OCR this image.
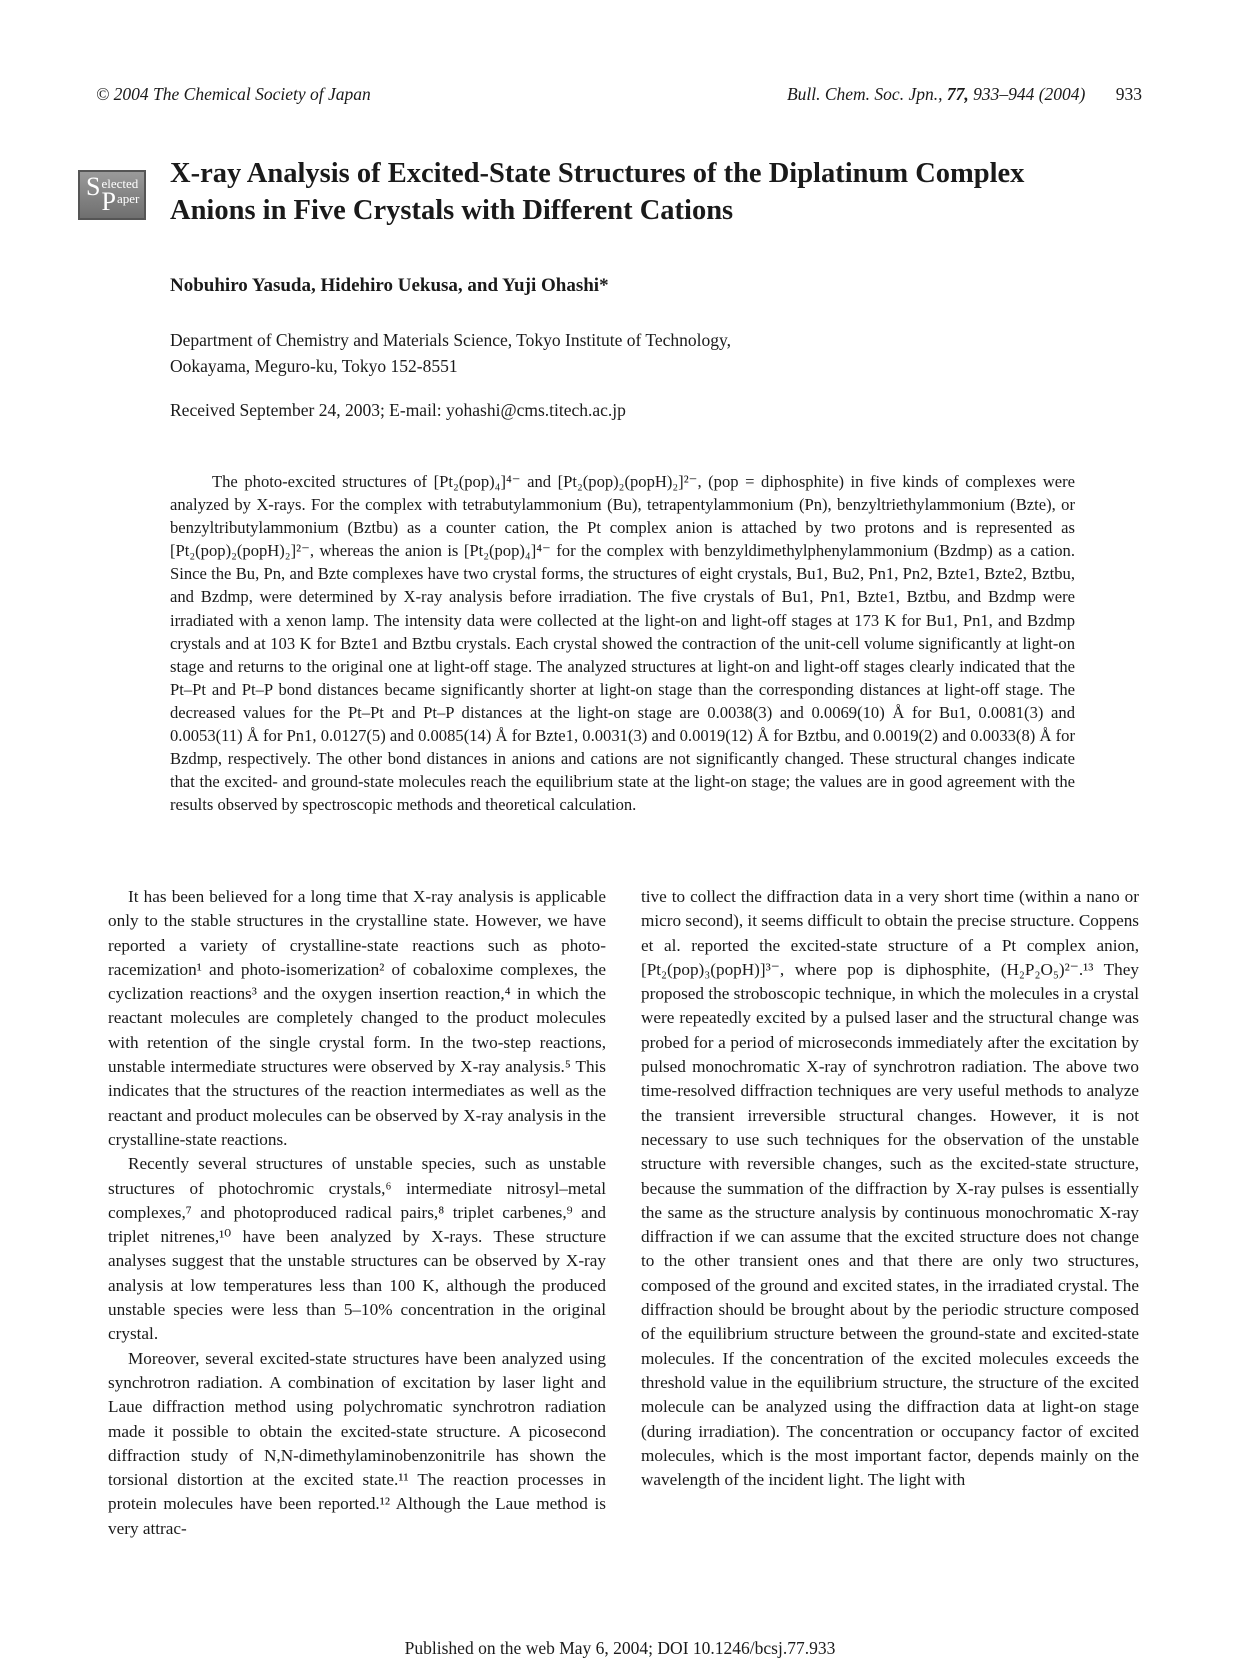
© 2004 The Chemical Society of Japan	Bull. Chem. Soc. Jpn., 77, 933–944 (2004) 933
Selected
Paper
X-ray Analysis of Excited-State Structures of the Diplatinum Complex Anions in Five Crystals with Different Cations
Nobuhiro Yasuda, Hidehiro Uekusa, and Yuji Ohashi*
Department of Chemistry and Materials Science, Tokyo Institute of Technology,
Ookayama, Meguro-ku, Tokyo 152-8551
Received September 24, 2003; E-mail: yohashi@cms.titech.ac.jp

The photo-excited structures of [Pt₂(pop)₄]⁴⁻ and [Pt₂(pop)₂(popH)₂]²⁻, (pop = diphosphite) in five kinds of complexes were analyzed by X-rays. For the complex with tetrabutylammonium (Bu), tetrapentylammonium (Pn), benzyltriethylammonium (Bzte), or benzyltributylammonium (Bztbu) as a counter cation, the Pt complex anion is attached by two protons and is represented as [Pt₂(pop)₂(popH)₂]²⁻, whereas the anion is [Pt₂(pop)₄]⁴⁻ for the complex with benzyldimethylphenylammonium (Bzdmp) as a cation. Since the Bu, Pn, and Bzte complexes have two crystal forms, the structures of eight crystals, Bu1, Bu2, Pn1, Pn2, Bzte1, Bzte2, Bztbu, and Bzdmp, were determined by X-ray analysis before irradiation. The five crystals of Bu1, Pn1, Bzte1, Bztbu, and Bzdmp were irradiated with a xenon lamp. The intensity data were collected at the light-on and light-off stages at 173 K for Bu1, Pn1, and Bzdmp crystals and at 103 K for Bzte1 and Bztbu crystals. Each crystal showed the contraction of the unit-cell volume significantly at light-on stage and returns to the original one at light-off stage. The analyzed structures at light-on and light-off stages clearly indicated that the Pt–Pt and Pt–P bond distances became significantly shorter at light-on stage than the corresponding distances at light-off stage. The decreased values for the Pt–Pt and Pt–P distances at the light-on stage are 0.0038(3) and 0.0069(10) Å for Bu1, 0.0081(3) and 0.0053(11) Å for Pn1, 0.0127(5) and 0.0085(14) Å for Bzte1, 0.0031(3) and 0.0019(12) Å for Bztbu, and 0.0019(2) and 0.0033(8) Å for Bzdmp, respectively. The other bond distances in anions and cations are not significantly changed. These structural changes indicate that the excited- and ground-state molecules reach the equilibrium state at the light-on stage; the values are in good agreement with the results observed by spectroscopic methods and theoretical calculation.

It has been believed for a long time that X-ray analysis is applicable only to the stable structures in the crystalline state. However, we have reported a variety of crystalline-state reactions such as photo-racemization¹ and photo-isomerization² of cobaloxime complexes, the cyclization reactions³ and the oxygen insertion reaction,⁴ in which the reactant molecules are completely changed to the product molecules with retention of the single crystal form. In the two-step reactions, unstable intermediate structures were observed by X-ray analysis.⁵ This indicates that the structures of the reaction intermediates as well as the reactant and product molecules can be observed by X-ray analysis in the crystalline-state reactions.

Recently several structures of unstable species, such as unstable structures of photochromic crystals,⁶ intermediate nitrosyl–metal complexes,⁷ and photoproduced radical pairs,⁸ triplet carbenes,⁹ and triplet nitrenes,¹⁰ have been analyzed by X-rays. These structure analyses suggest that the unstable structures can be observed by X-ray analysis at low temperatures less than 100 K, although the produced unstable species were less than 5–10% concentration in the original crystal.

Moreover, several excited-state structures have been analyzed using synchrotron radiation. A combination of excitation by laser light and Laue diffraction method using polychromatic synchrotron radiation made it possible to obtain the excited-state structure. A picosecond diffraction study of N,N-dimethylaminobenzonitrile has shown the torsional distortion at the excited state.¹¹ The reaction processes in protein molecules have been reported.¹² Although the Laue method is very attrac-

tive to collect the diffraction data in a very short time (within a nano or micro second), it seems difficult to obtain the precise structure. Coppens et al. reported the excited-state structure of a Pt complex anion, [Pt₂(pop)₃(popH)]³⁻, where pop is diphosphite, (H₂P₂O₅)²⁻.¹³ They proposed the stroboscopic technique, in which the molecules in a crystal were repeatedly excited by a pulsed laser and the structural change was probed for a period of microseconds immediately after the excitation by pulsed monochromatic X-ray of synchrotron radiation. The above two time-resolved diffraction techniques are very useful methods to analyze the transient irreversible structural changes. However, it is not necessary to use such techniques for the observation of the unstable structure with reversible changes, such as the excited-state structure, because the summation of the diffraction by X-ray pulses is essentially the same as the structure analysis by continuous monochromatic X-ray diffraction if we can assume that the excited structure does not change to the other transient ones and that there are only two structures, composed of the ground and excited states, in the irradiated crystal. The diffraction should be brought about by the periodic structure composed of the equilibrium structure between the ground-state and excited-state molecules. If the concentration of the excited molecules exceeds the threshold value in the equilibrium structure, the structure of the excited molecule can be analyzed using the diffraction data at light-on stage (during irradiation). The concentration or occupancy factor of excited molecules, which is the most important factor, depends mainly on the wavelength of the incident light. The light with

Published on the web May 6, 2004; DOI 10.1246/bcsj.77.933
